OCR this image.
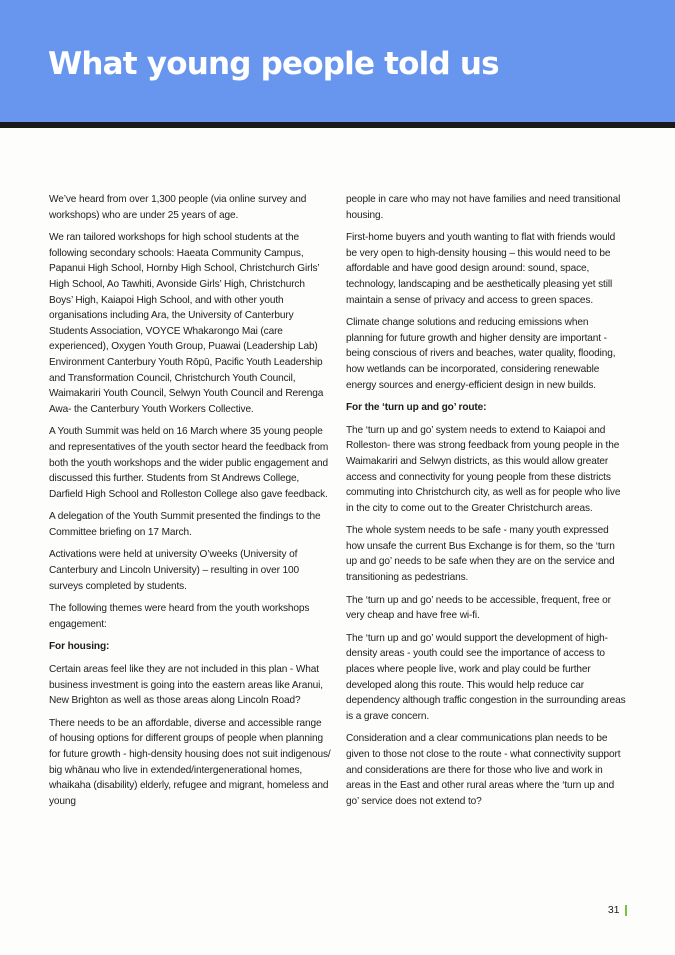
What young people told us

We’ve heard from over 1,300 people (via online survey and workshops) who are under 25 years of age.

We ran tailored workshops for high school students at the following secondary schools: Haeata Community Campus, Papanui High School, Hornby High School, Christchurch Girls’ High School, Ao Tawhiti, Avonside Girls’ High, Christchurch Boys’ High, Kaiapoi High School, and with other youth organisations including Ara, the University of Canterbury Students Association, VOYCE Whakarongo Mai (care experienced), Oxygen Youth Group, Puawai (Leadership Lab) Environment Canterbury Youth Rōpū, Pacific Youth Leadership and Transformation Council, Christchurch Youth Council, Waimakariri Youth Council, Selwyn Youth Council and Rerenga Awa- the Canterbury Youth Workers Collective.

A Youth Summit was held on 16 March where 35 young people and representatives of the youth sector heard the feedback from both the youth workshops and the wider public engagement and discussed this further. Students from St Andrews College, Darfield High School and Rolleston College also gave feedback.

A delegation of the Youth Summit presented the findings to the Committee briefing on 17 March.

Activations were held at university O’weeks (University of Canterbury and Lincoln University) – resulting in over 100 surveys completed by students.

The following themes were heard from the youth workshops engagement:

For housing:

Certain areas feel like they are not included in this plan - What business investment is going into the eastern areas like Aranui, New Brighton as well as those areas along Lincoln Road?

There needs to be an affordable, diverse and accessible range of housing options for different groups of people when planning for future growth - high-density housing does not suit indigenous/ big whānau who live in extended/intergenerational homes, whaikaha (disability) elderly, refugee and migrant, homeless and young

people in care who may not have families and need transitional housing.

First-home buyers and youth wanting to flat with friends would be very open to high-density housing – this would need to be affordable and have good design around: sound, space, technology, landscaping and be aesthetically pleasing yet still maintain a sense of privacy and access to green spaces.

Climate change solutions and reducing emissions when planning for future growth and higher density are important - being conscious of rivers and beaches, water quality, flooding, how wetlands can be incorporated, considering renewable energy sources and energy-efficient design in new builds.

For the ‘turn up and go’ route:

The ‘turn up and go’ system needs to extend to Kaiapoi and Rolleston- there was strong feedback from young people in the Waimakariri and Selwyn districts, as this would allow greater access and connectivity for young people from these districts commuting into Christchurch city, as well as for people who live in the city to come out to the Greater Christchurch areas.

The whole system needs to be safe - many youth expressed how unsafe the current Bus Exchange is for them, so the ‘turn up and go’ needs to be safe when they are on the service and transitioning as pedestrians.

The ‘turn up and go’ needs to be accessible, frequent, free or very cheap and have free wi-fi.

The ‘turn up and go’ would support the development of high-density areas - youth could see the importance of access to places where people live, work and play could be further developed along this route. This would help reduce car dependency although traffic congestion in the surrounding areas is a grave concern.

Consideration and a clear communications plan needs to be given to those not close to the route - what connectivity support and considerations are there for those who live and work in areas in the East and other rural areas where the ‘turn up and go’ service does not extend to?

31
